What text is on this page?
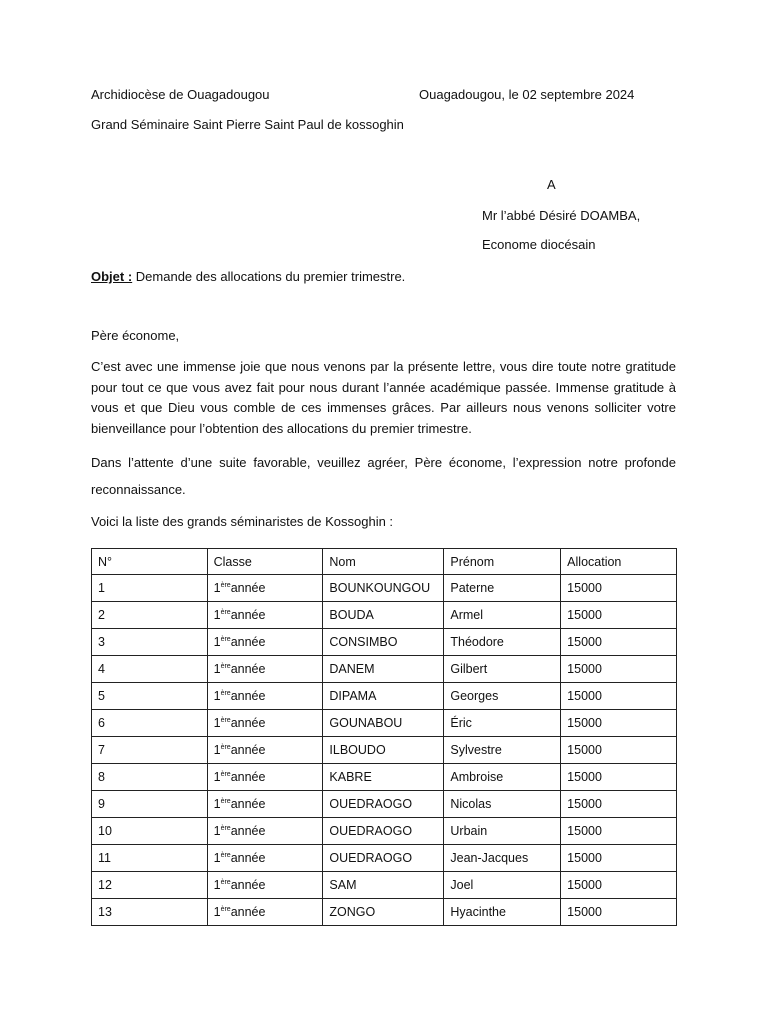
Archidiocèse de Ouagadougou	Ouagadougou, le 02 septembre 2024
Grand Séminaire Saint Pierre Saint Paul de kossoghin
A
Mr l’abbé Désiré DOAMBA,
Econome diocésain
Objet : Demande des allocations du premier trimestre.
Père économe,
C’est avec une immense joie que nous venons par la présente lettre, vous dire toute notre gratitude pour tout ce que vous avez fait pour nous durant l’année académique passée. Immense gratitude à vous et que Dieu vous comble de ces immenses grâces. Par ailleurs nous venons solliciter votre bienveillance pour l’obtention des allocations du premier trimestre.
Dans l’attente d’une suite favorable, veuillez agréer, Père économe, l’expression notre profonde reconnaissance.
Voici la liste des grands séminaristes de Kossoghin :
N°	Classe	Nom	Prénom	Allocation
1	1èreannée	BOUNKOUNGOU	Paterne	15000
2	1èreannée	BOUDA	Armel	15000
3	1èreannée	CONSIMBO	Théodore	15000
4	1èreannée	DANEM	Gilbert	15000
5	1èreannée	DIPAMA	Georges	15000
6	1èreannée	GOUNABOU	Éric	15000
7	1èreannée	ILBOUDO	Sylvestre	15000
8	1èreannée	KABRE	Ambroise	15000
9	1èreannée	OUEDRAOGO	Nicolas	15000
10	1èreannée	OUEDRAOGO	Urbain	15000
11	1èreannée	OUEDRAOGO	Jean-Jacques	15000
12	1èreannée	SAM	Joel	15000
13	1èreannée	ZONGO	Hyacinthe	15000
